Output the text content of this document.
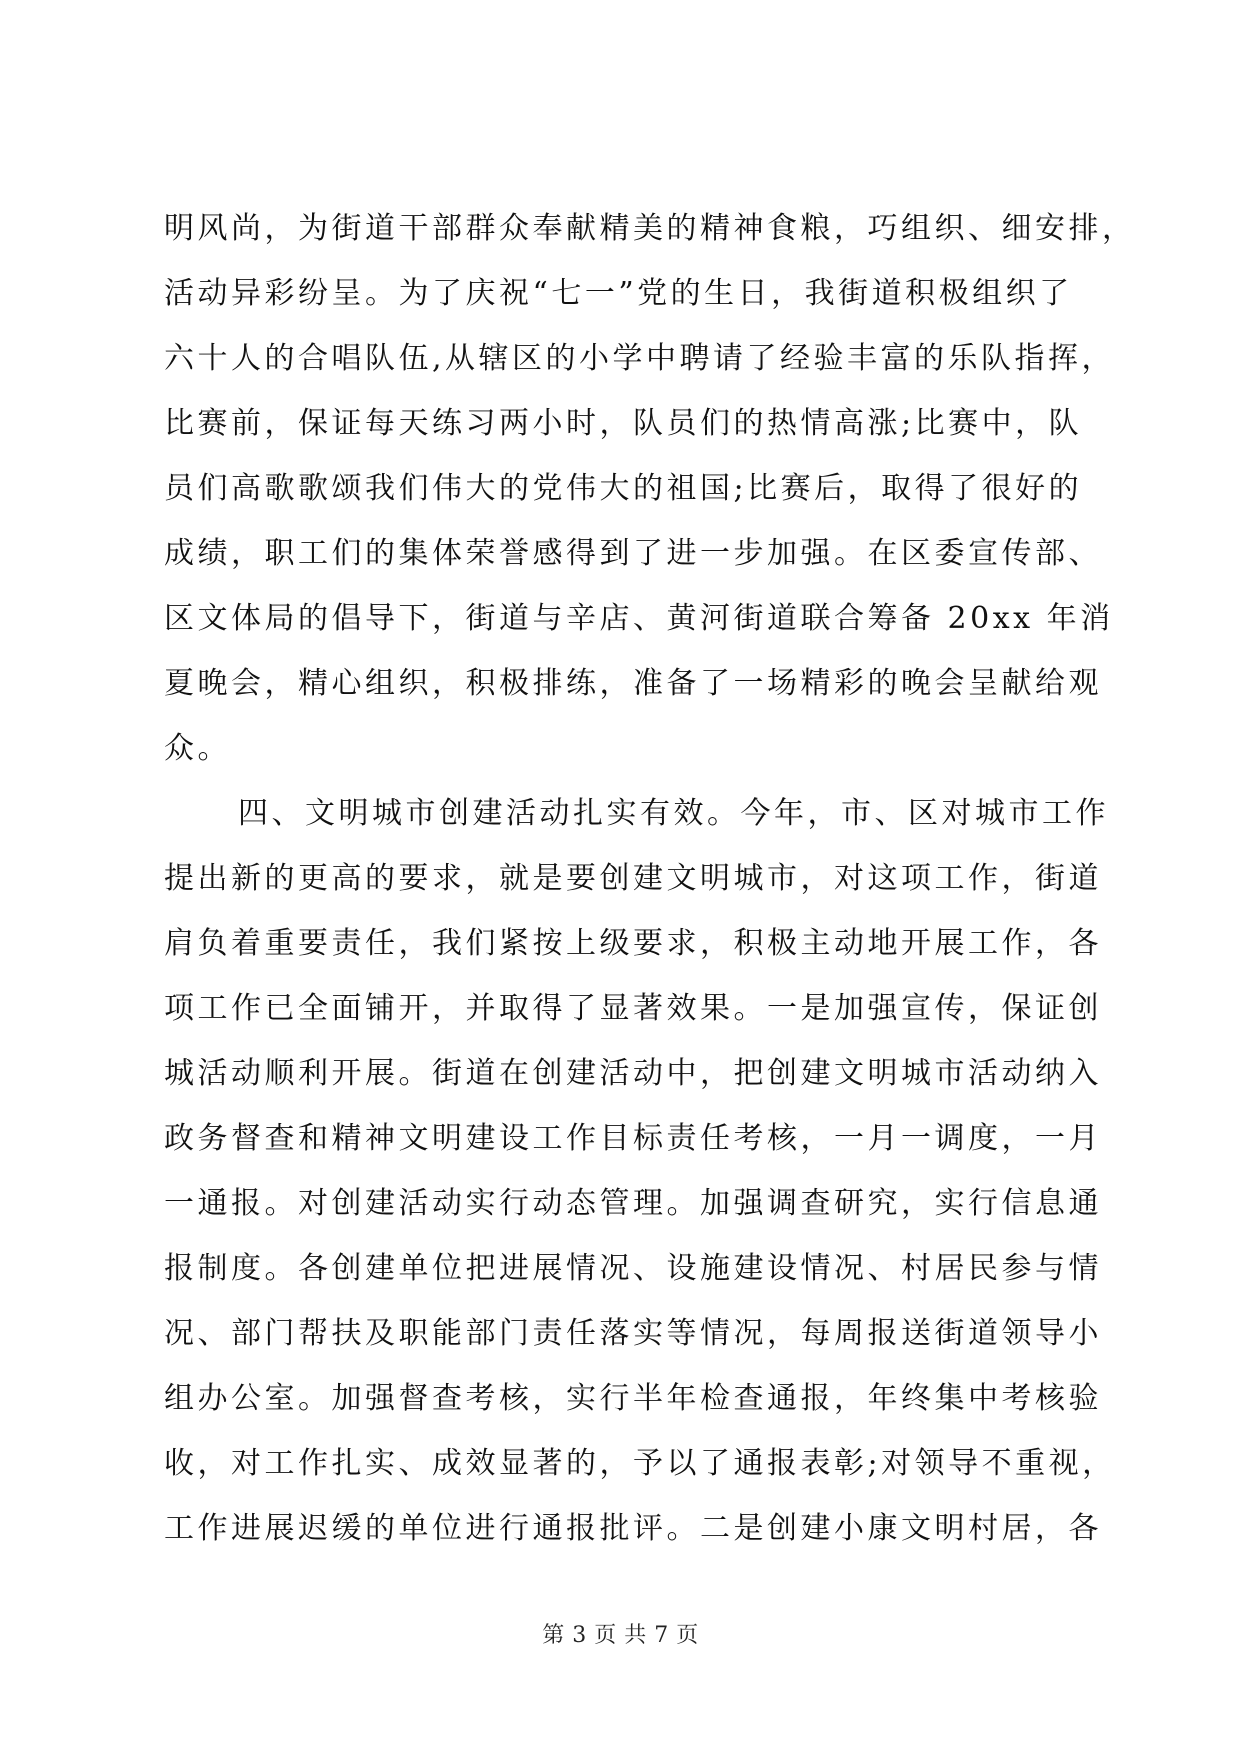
明风尚，为街道干部群众奉献精美的精神食粮，巧组织、细安排，
活动异彩纷呈。为了庆祝“七一”党的生日，我街道积极组织了
六十人的合唱队伍,从辖区的小学中聘请了经验丰富的乐队指挥，
比赛前，保证每天练习两小时，队员们的热情高涨;比赛中，队
员们高歌歌颂我们伟大的党伟大的祖国;比赛后，取得了很好的
成绩，职工们的集体荣誉感得到了进一步加强。在区委宣传部、
区文体局的倡导下，街道与辛店、黄河街道联合筹备 20xx 年消
夏晚会，精心组织，积极排练，准备了一场精彩的晚会呈献给观
众。
四、文明城市创建活动扎实有效。今年，市、区对城市工作
提出新的更高的要求，就是要创建文明城市，对这项工作，街道
肩负着重要责任，我们紧按上级要求，积极主动地开展工作，各
项工作已全面铺开，并取得了显著效果。一是加强宣传，保证创
城活动顺利开展。街道在创建活动中，把创建文明城市活动纳入
政务督查和精神文明建设工作目标责任考核，一月一调度，一月
一通报。对创建活动实行动态管理。加强调查研究，实行信息通
报制度。各创建单位把进展情况、设施建设情况、村居民参与情
况、部门帮扶及职能部门责任落实等情况，每周报送街道领导小
组办公室。加强督查考核，实行半年检查通报，年终集中考核验
收，对工作扎实、成效显著的，予以了通报表彰;对领导不重视，
工作进展迟缓的单位进行通报批评。二是创建小康文明村居，各
第 3 页 共 7 页
